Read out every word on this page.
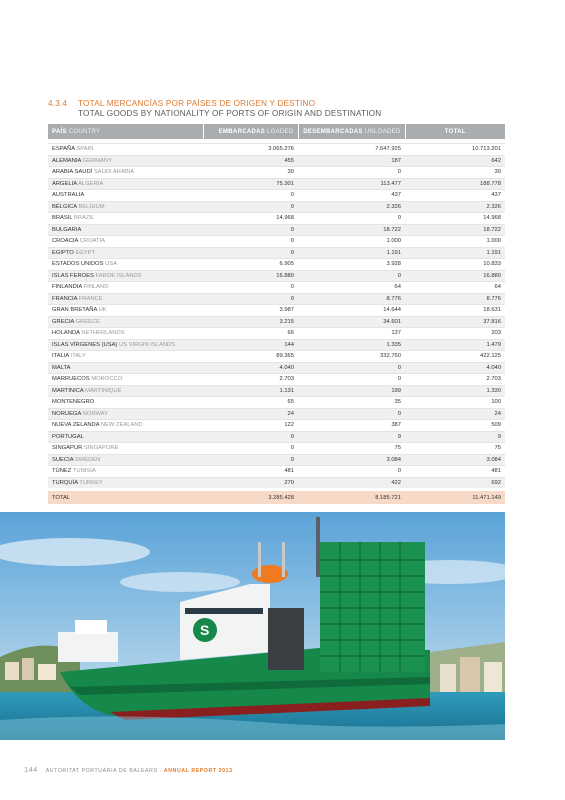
4.3.4 TOTAL MERCANCÍAS POR PAÍSES DE ORIGEN Y DESTINO
TOTAL GOODS BY NATIONALITY OF PORTS OF ORIGIN AND DESTINATION
PAÍS COUNTRY	EMBARCADAS LOADED	DESEMBARCADAS UNLOADED	TOTAL

ESPAÑA SPAIN	3.065.276	7.647.925	10.713.201
ALEMANIA GERMANY	455	187	642
ARABIA SAUDÍ SAUDI ARABIA	30	0	30
ARGELIA ALGERIA	75.301	113.477	188.778
AUSTRALIA	0	437	437
BÉLGICA BELGIUM	0	2.326	2.326
BRASIL BRAZIL	14.968	0	14.968
BULGARIA	0	18.722	18.722
CROACIA CROATIA	0	1.000	1.000
EGIPTO EGYPT	0	1.191	1.191
ESTADOS UNIDOS USA	6.905	3.928	10.833
ISLAS FEROES FAROE ISLANDS	16.880	0	16.880
FINLANDIA FINLAND	0	64	64
FRANCIA FRANCE	0	8.776	8.776
GRAN BRETAÑA UK	3.987	14.644	18.631
GRECIA GREECE	3.215	34.601	37.816
HOLANDA NETHERLANDS	66	137	203
ISLAS VÍRGENES (USA) US VIRGIN ISLANDS	144	1.335	1.479
ITALIA ITALY	89.365	332.760	422.125
MALTA	4.040	0	4.040
MARRUECOS MOROCCO	2.703	0	2.703
MARTINICA MARTINIQUE	1.131	199	1.330
MONTENEGRO	65	35	100
NORUEGA NORWAY	24	0	24
NUEVA ZELANDA NEW ZEALAND	122	387	509
PORTUGAL	0	9	9
SINGAPUR SINGAPORE	0	75	75
SUECIA SWEDEN	0	3.084	3.084
TÚNEZ TUNISIA	481	0	481
TURQUÍA TURKEY	270	422	692
TOTAL	3.285.428	8.185.721	11.471.149
S
144 AUTORITAT PORTUÀRIA DE BALEARS · ANNUAL REPORT 2013
